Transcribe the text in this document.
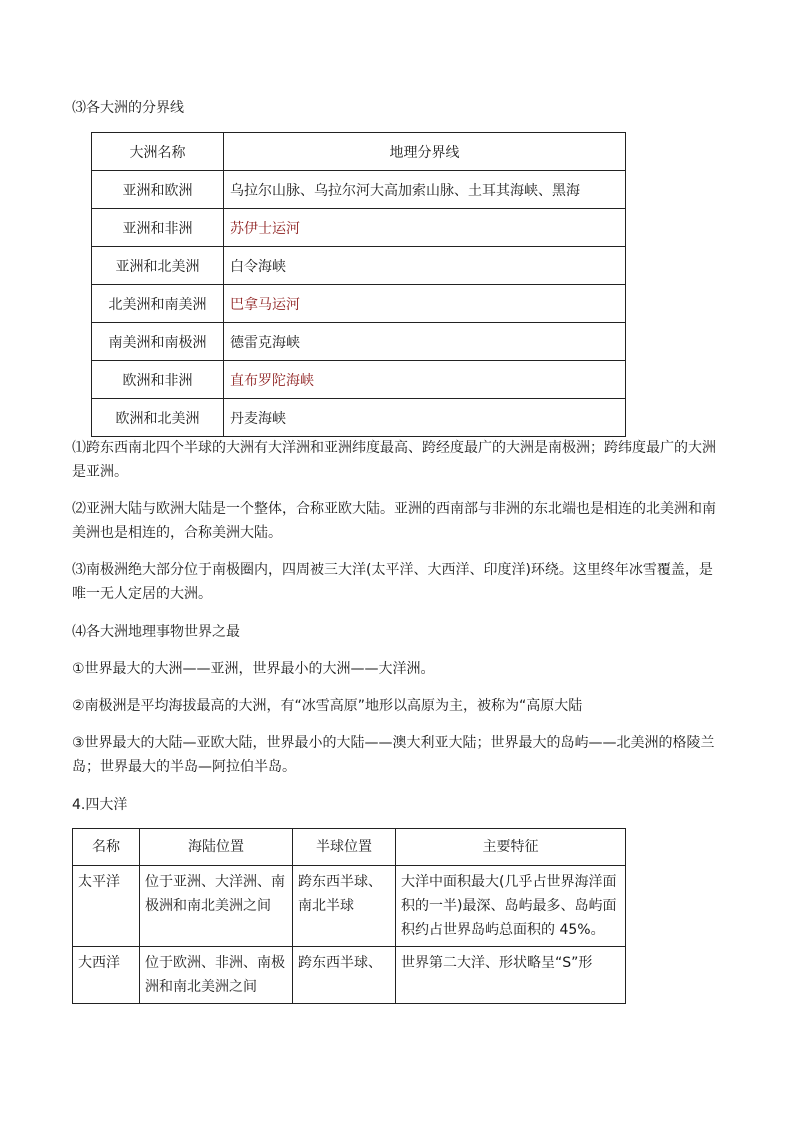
⑶各大洲的分界线
大洲名称	地理分界线
亚洲和欧洲	乌拉尔山脉、乌拉尔河大高加索山脉、土耳其海峡、黑海
亚洲和非洲	苏伊士运河
亚洲和北美洲	白令海峡
北美洲和南美洲	巴拿马运河
南美洲和南极洲	德雷克海峡
欧洲和非洲	直布罗陀海峡
欧洲和北美洲	丹麦海峡
⑴跨东西南北四个半球的大洲有大洋洲和亚洲纬度最高、跨经度最广的大洲是南极洲；跨纬度最广的大洲是亚洲。
⑵亚洲大陆与欧洲大陆是一个整体，合称亚欧大陆。亚洲的西南部与非洲的东北端也是相连的北美洲和南美洲也是相连的，合称美洲大陆。
⑶南极洲绝大部分位于南极圈内，四周被三大洋(太平洋、大西洋、印度洋)环绕。这里终年冰雪覆盖，是唯一无人定居的大洲。
⑷各大洲地理事物世界之最
①世界最大的大洲——亚洲，世界最小的大洲——大洋洲。
②南极洲是平均海拔最高的大洲，有“冰雪高原”地形以高原为主，被称为“高原大陆
③世界最大的大陆—亚欧大陆，世界最小的大陆——澳大利亚大陆；世界最大的岛屿——北美洲的格陵兰岛；世界最大的半岛—阿拉伯半岛。
4.四大洋
名称	海陆位置	半球位置	主要特征
太平洋	位于亚洲、大洋洲、南极洲和南北美洲之间	跨东西半球、南北半球	大洋中面积最大(几乎占世界海洋面积的一半)最深、岛屿最多、岛屿面积约占世界岛屿总面积的 45%。
大西洋	位于欧洲、非洲、南极洲和南北美洲之间	跨东西半球、	世界第二大洋、形状略呈“S”形
